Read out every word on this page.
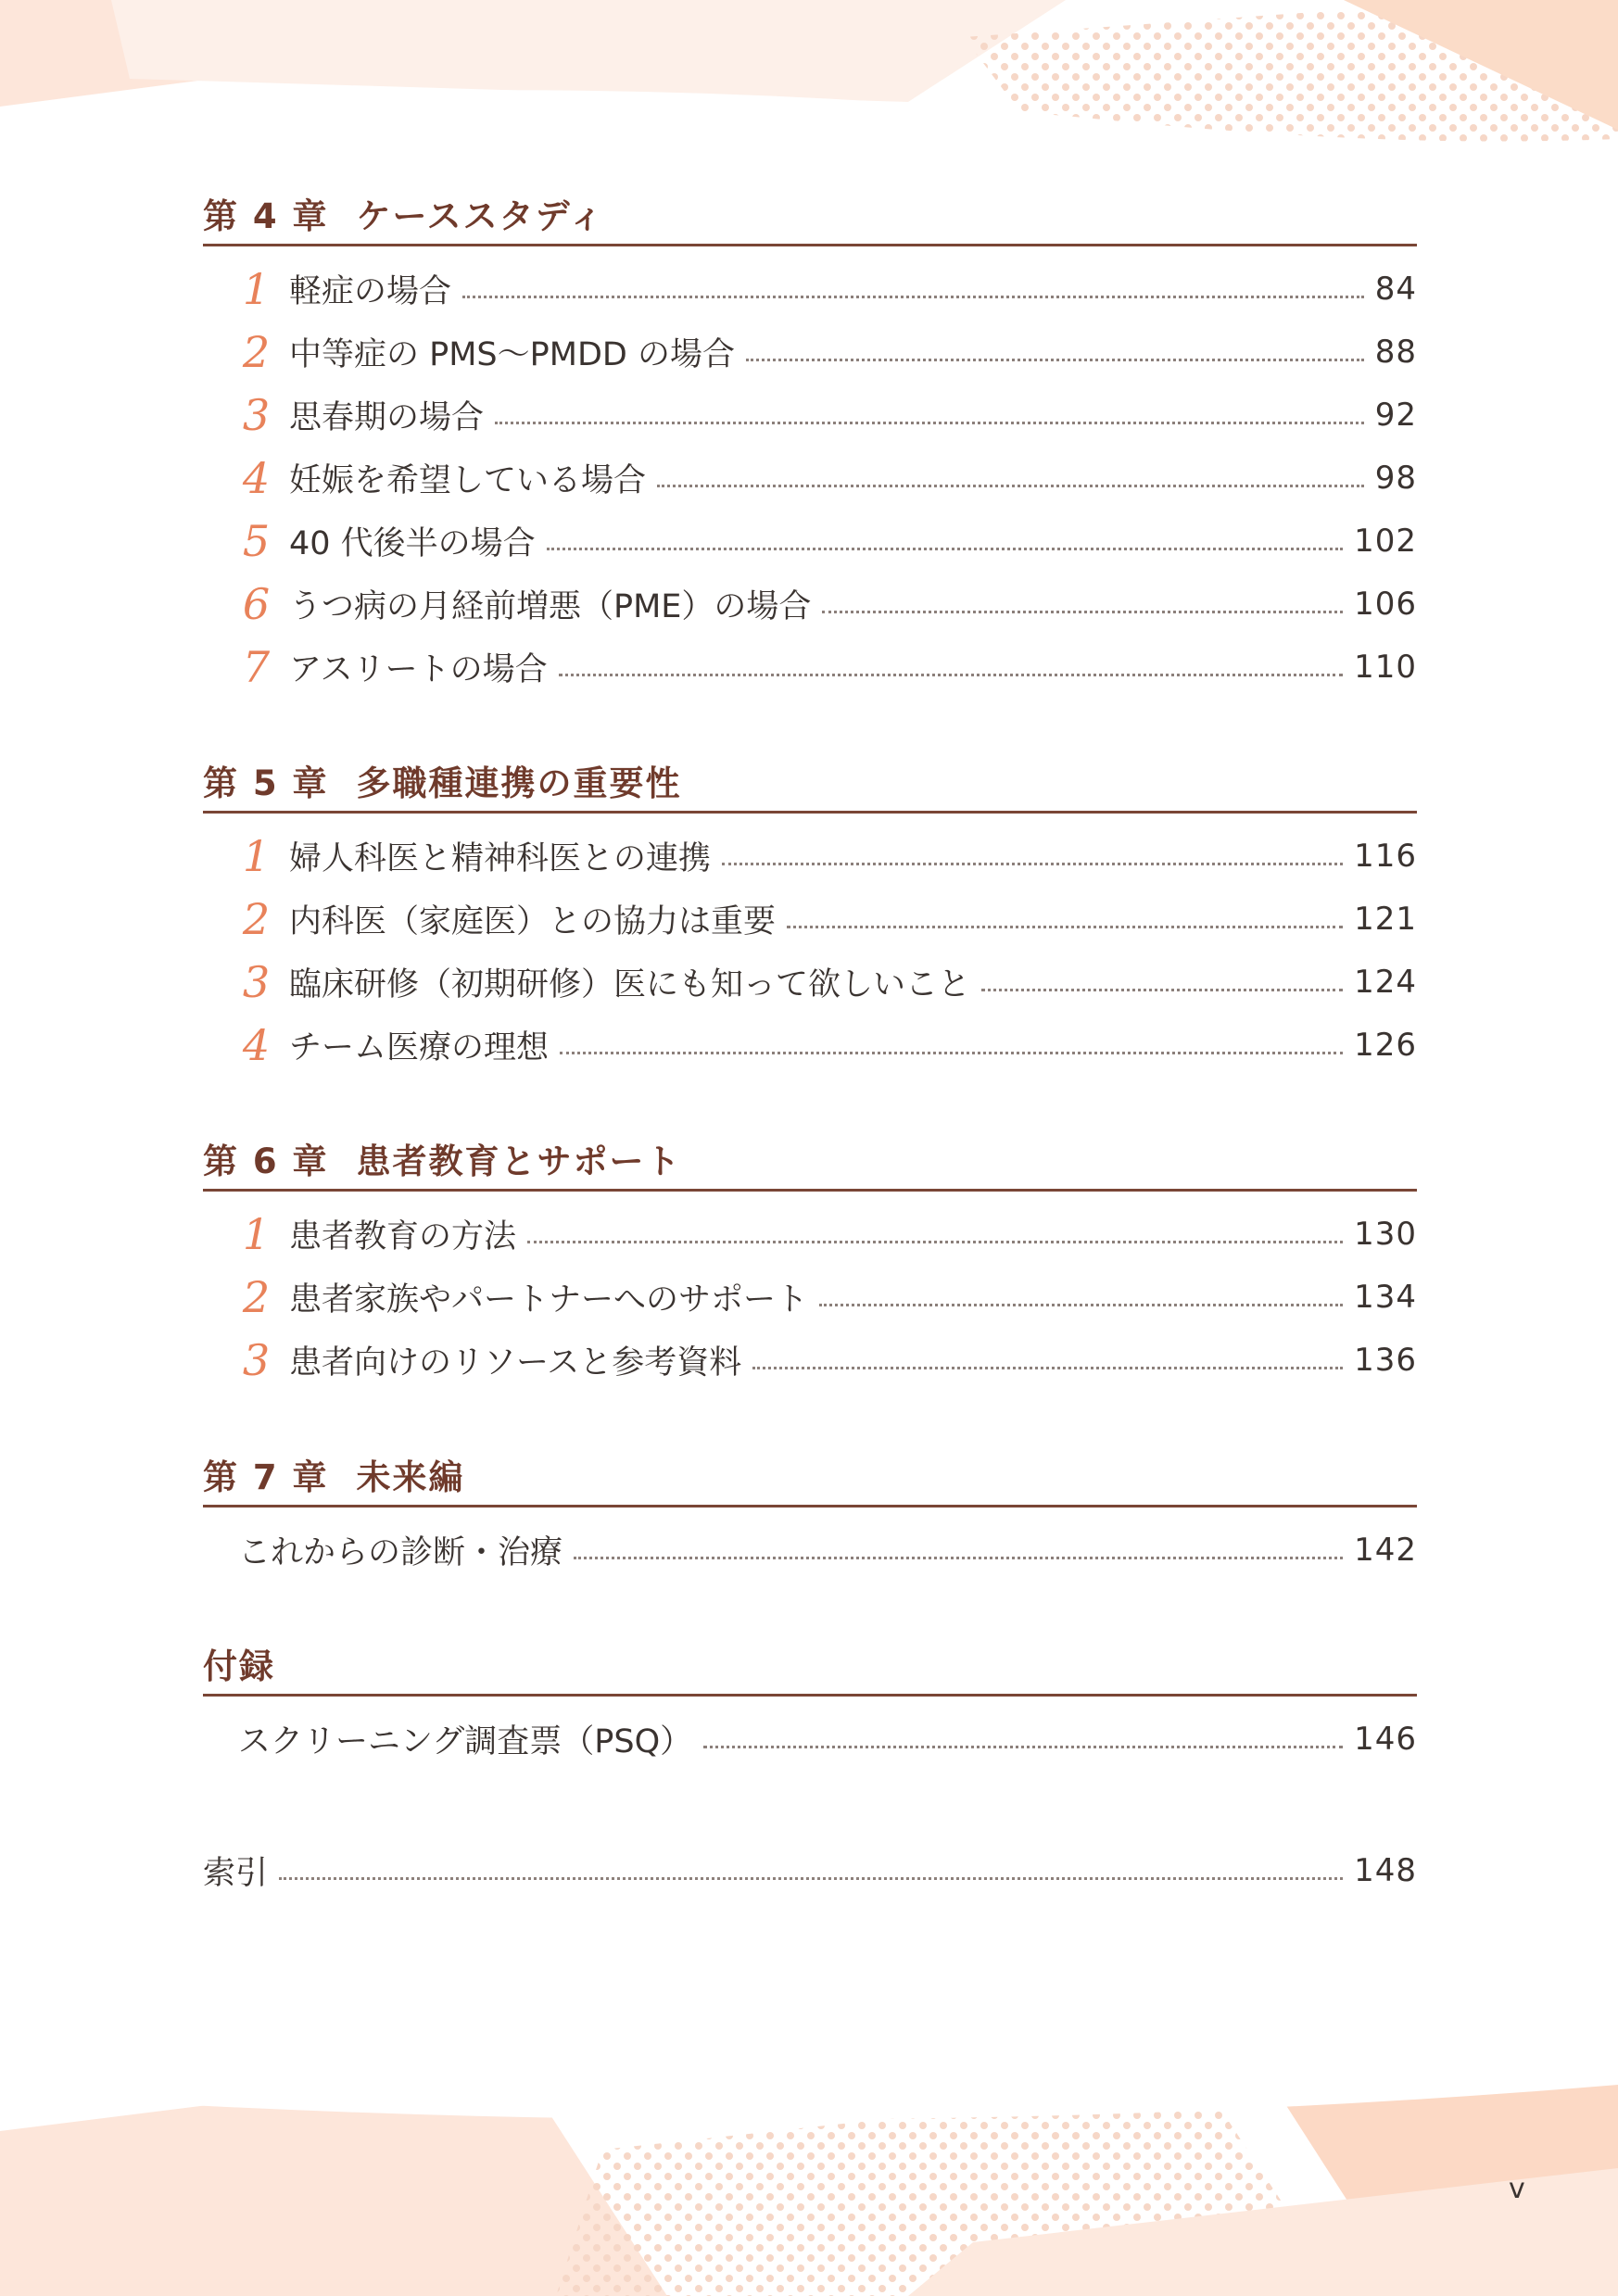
第 4 章 ケーススタディ
1 軽症の場合	84
2 中等症の PMS〜PMDD の場合	88
3 思春期の場合	92
4 妊娠を希望している場合	98
5 40 代後半の場合	102
6 うつ病の月経前増悪（PME）の場合	106
7 アスリートの場合	110
第 5 章 多職種連携の重要性
1 婦人科医と精神科医との連携	116
2 内科医（家庭医）との協力は重要	121
3 臨床研修（初期研修）医にも知って欲しいこと	124
4 チーム医療の理想	126
第 6 章 患者教育とサポート
1 患者教育の方法	130
2 患者家族やパートナーへのサポート	134
3 患者向けのリソースと参考資料	136
第 7 章 未来編
これからの診断・治療	142
付録
スクリーニング調査票（PSQ）	146
索引	148
v
